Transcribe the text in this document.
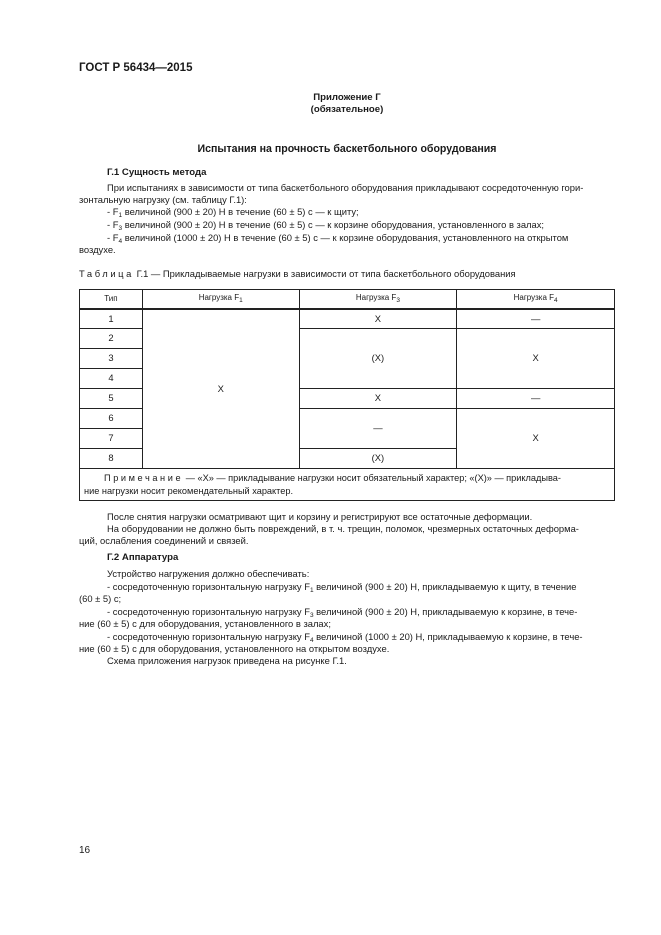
ГОСТ Р 56434—2015
Приложение Г
(обязательное)
Испытания на прочность баскетбольного оборудования
Г.1 Сущность метода
При испытаниях в зависимости от типа баскетбольного оборудования прикладывают сосредоточенную гори-
зонтальную нагрузку (см. таблицу Г.1):
- $F_1$ величиной (900 ± 20) Н в течение (60 ± 5) с — к щиту;
- $F_3$ величиной (900 ± 20) Н в течение (60 ± 5) с — к корзине оборудования, установленного в залах;
- $F_4$ величиной (1000 ± 20) Н в течение (60 ± 5) с — к корзине оборудования, установленного на открытом
воздухе.
Таблица Г.1 — Прикладываемые нагрузки в зависимости от типа баскетбольного оборудования
Тип	Нагрузка $F_1$	Нагрузка $F_3$	Нагрузка $F_4$
1	X	X	—
2		(X)	X
3			
4			
5		X	—
6		—	X
7			
8		(X)	
Примечание — «X» — прикладывание нагрузки носит обязательный характер; «(X)» — прикладыва-
ние нагрузки носит рекомендательный характер.			
После снятия нагрузки осматривают щит и корзину и регистрируют все остаточные деформации.
На оборудовании не должно быть повреждений, в т. ч. трещин, поломок, чрезмерных остаточных деформа-
ций, ослабления соединений и связей.
Г.2 Аппаратура
Устройство нагружения должно обеспечивать:
- сосредоточенную горизонтальную нагрузку $F_1$ величиной (900 ± 20) Н, прикладываемую к щиту, в течение
(60 ± 5) с;
- сосредоточенную горизонтальную нагрузку $F_3$ величиной (900 ± 20) Н, прикладываемую к корзине, в тече-
ние (60 ± 5) с для оборудования, установленного в залах;
- сосредоточенную горизонтальную нагрузку $F_4$ величиной (1000 ± 20) Н, прикладываемую к корзине, в тече-
ние (60 ± 5) с для оборудования, установленного на открытом воздухе.
Схема приложения нагрузок приведена на рисунке Г.1.
16
